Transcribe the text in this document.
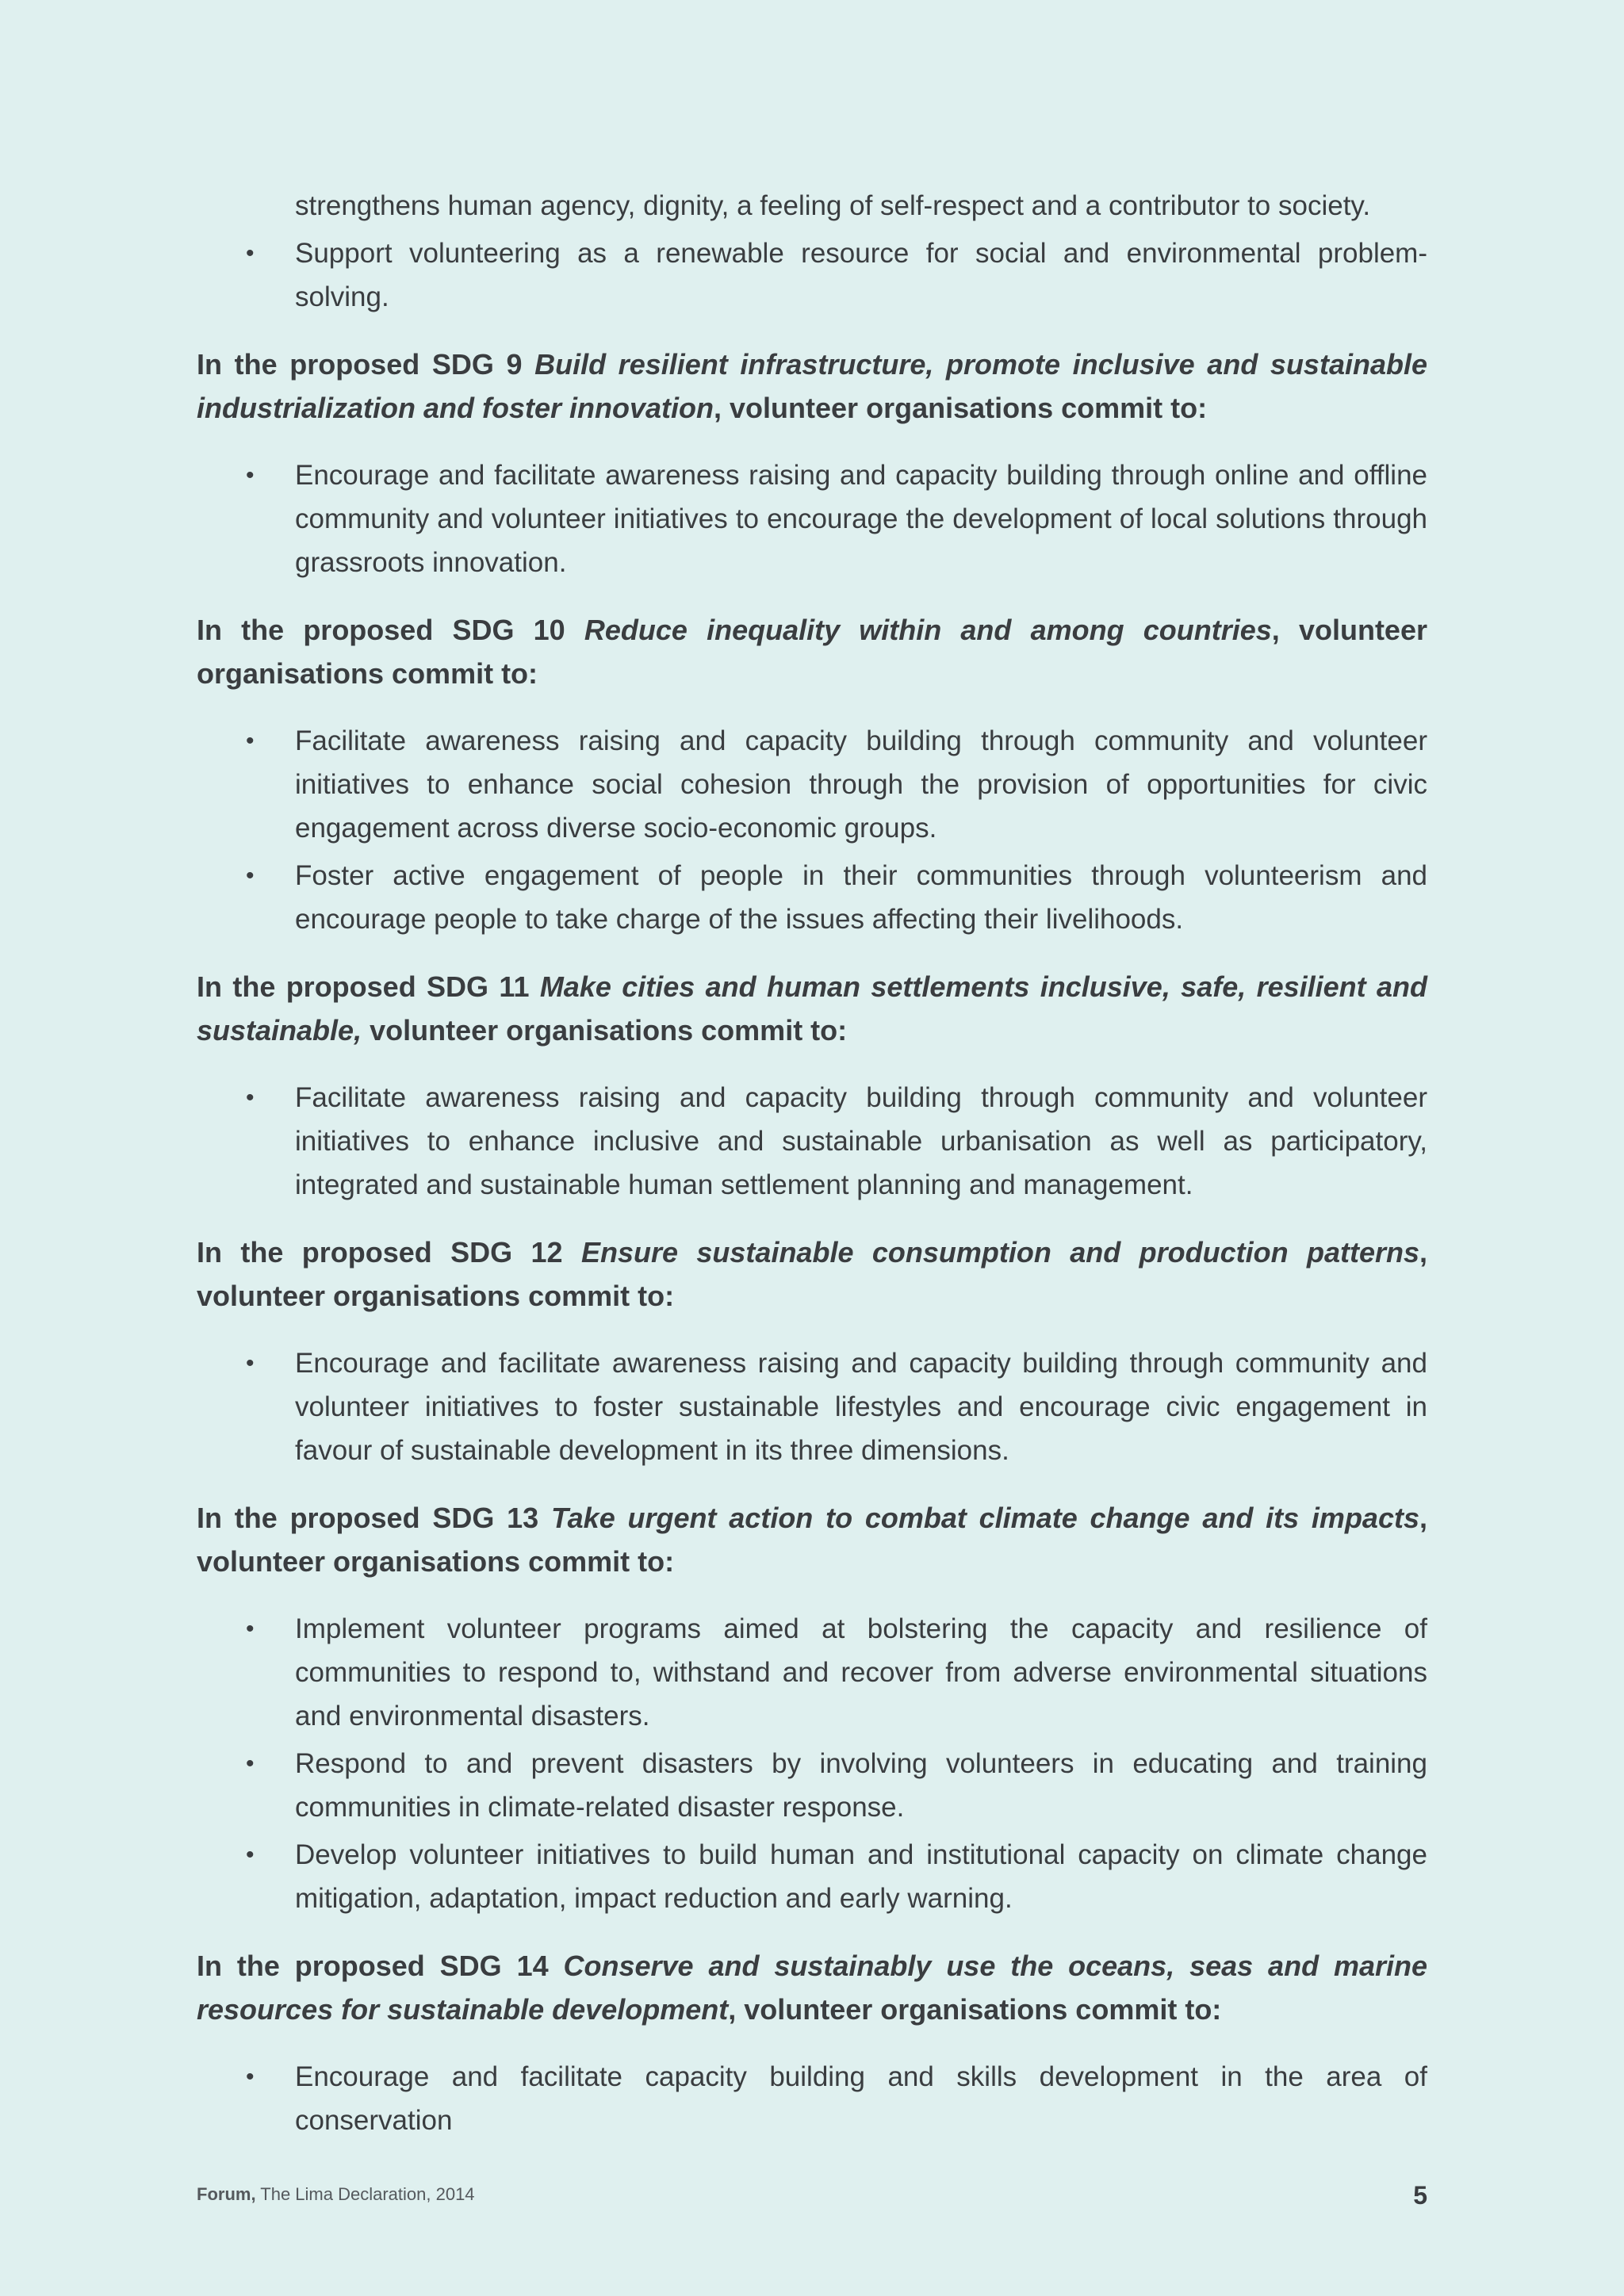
strengthens human agency, dignity, a feeling of self-respect and a contributor to society.
• Support volunteering as a renewable resource for social and environmental problem-solving.
In the proposed SDG 9 Build resilient infrastructure, promote inclusive and sustainable industrialization and foster innovation, volunteer organisations commit to:
• Encourage and facilitate awareness raising and capacity building through online and offline community and volunteer initiatives to encourage the development of local solutions through grassroots innovation.
In the proposed SDG 10 Reduce inequality within and among countries, volunteer organisations commit to:
• Facilitate awareness raising and capacity building through community and volunteer initiatives to enhance social cohesion through the provision of opportunities for civic engagement across diverse socio-economic groups.
• Foster active engagement of people in their communities through volunteerism and encourage people to take charge of the issues affecting their livelihoods.
In the proposed SDG 11 Make cities and human settlements inclusive, safe, resilient and sustainable, volunteer organisations commit to:
• Facilitate awareness raising and capacity building through community and volunteer initiatives to enhance inclusive and sustainable urbanisation as well as participatory, integrated and sustainable human settlement planning and management.
In the proposed SDG 12 Ensure sustainable consumption and production patterns, volunteer organisations commit to:
• Encourage and facilitate awareness raising and capacity building through community and volunteer initiatives to foster sustainable lifestyles and encourage civic engagement in favour of sustainable development in its three dimensions.
In the proposed SDG 13 Take urgent action to combat climate change and its impacts, volunteer organisations commit to:
• Implement volunteer programs aimed at bolstering the capacity and resilience of communities to respond to, withstand and recover from adverse environmental situations and environmental disasters.
• Respond to and prevent disasters by involving volunteers in educating and training communities in climate-related disaster response.
• Develop volunteer initiatives to build human and institutional capacity on climate change mitigation, adaptation, impact reduction and early warning.
In the proposed SDG 14 Conserve and sustainably use the oceans, seas and marine resources for sustainable development, volunteer organisations commit to:
• Encourage and facilitate capacity building and skills development in the area of conservation
Forum, The Lima Declaration, 2014	5
